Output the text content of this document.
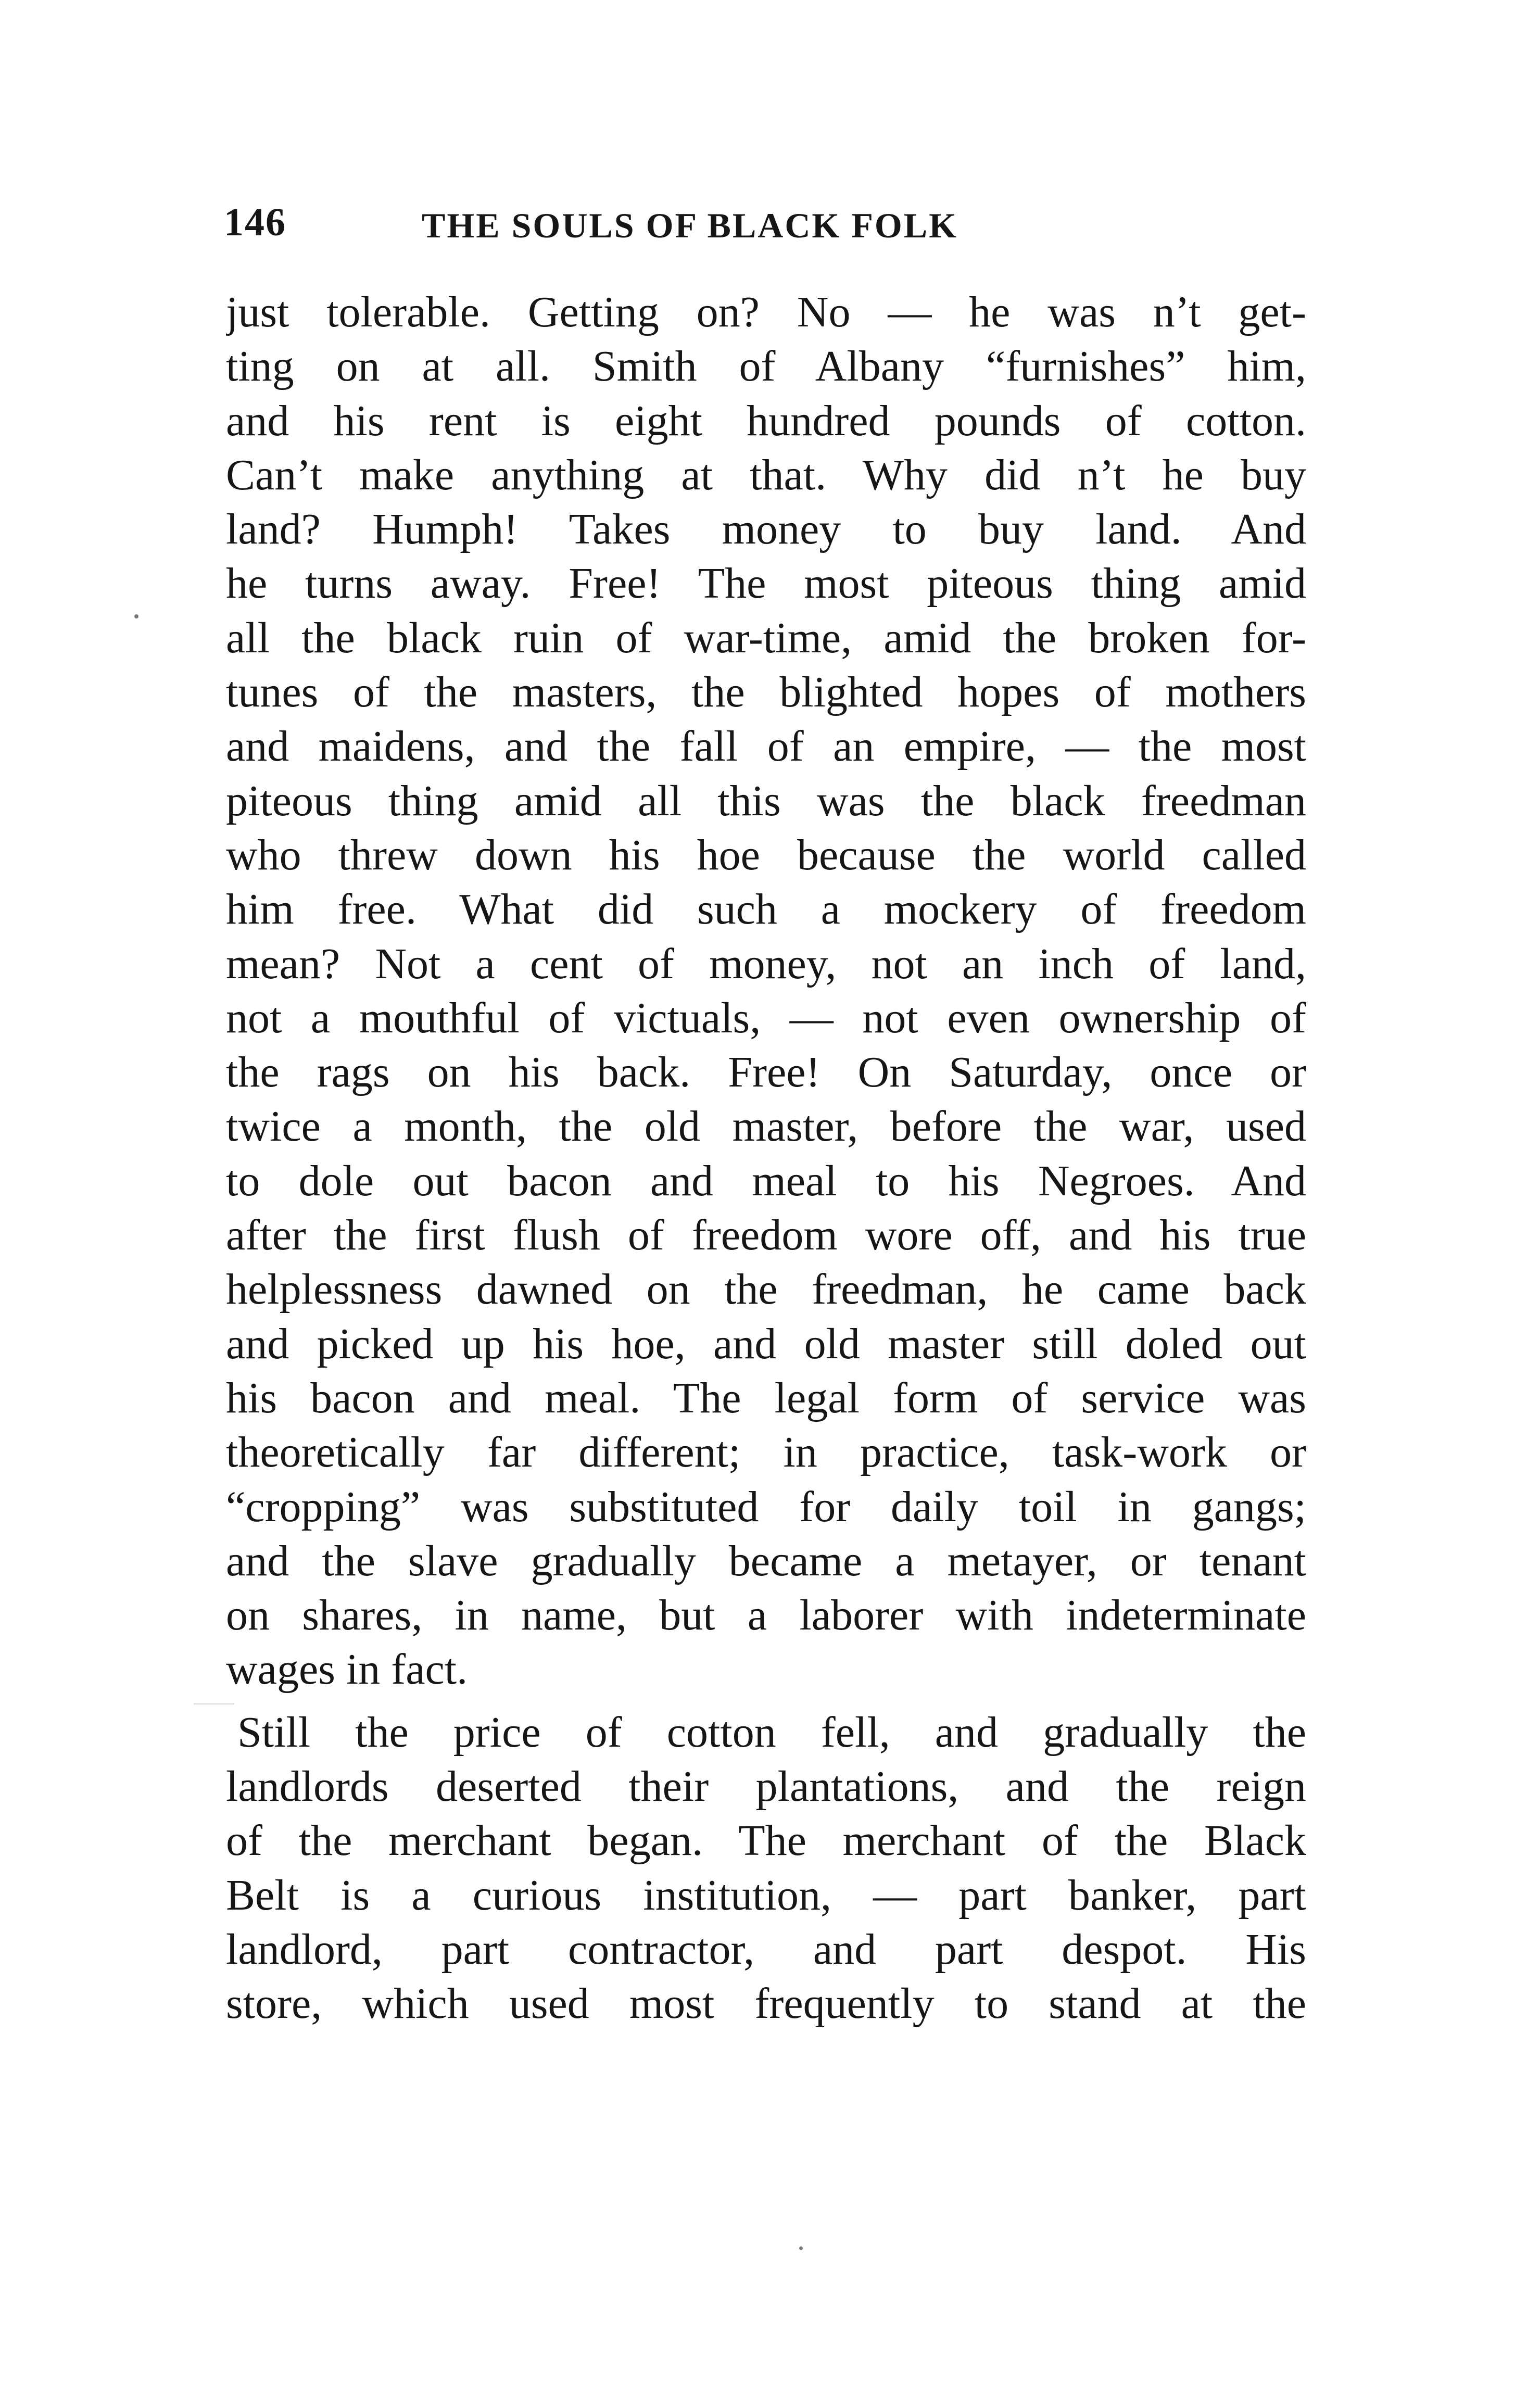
146	THE SOULS OF BLACK FOLK
just tolerable. Getting on? No — he was n’t get-
ting on at all. Smith of Albany “furnishes” him,
and his rent is eight hundred pounds of cotton.
Can’t make anything at that. Why did n’t he buy
land? Humph! Takes money to buy land. And
he turns away. Free! The most piteous thing amid
all the black ruin of war-time, amid the broken for-
tunes of the masters, the blighted hopes of mothers
and maidens, and the fall of an empire, — the most
piteous thing amid all this was the black freedman
who threw down his hoe because the world called
him free. What did such a mockery of freedom
mean? Not a cent of money, not an inch of land,
not a mouthful of victuals, — not even ownership of
the rags on his back. Free! On Saturday, once or
twice a month, the old master, before the war, used
to dole out bacon and meal to his Negroes. And
after the first flush of freedom wore off, and his true
helplessness dawned on the freedman, he came back
and picked up his hoe, and old master still doled out
his bacon and meal. The legal form of service was
theoretically far different; in practice, task-work or
“cropping” was substituted for daily toil in gangs;
and the slave gradually became a metayer, or tenant
on shares, in name, but a laborer with indeterminate
wages in fact.
Still the price of cotton fell, and gradually the
landlords deserted their plantations, and the reign
of the merchant began. The merchant of the Black
Belt is a curious institution, — part banker, part
landlord, part contractor, and part despot. His
store, which used most frequently to stand at the
